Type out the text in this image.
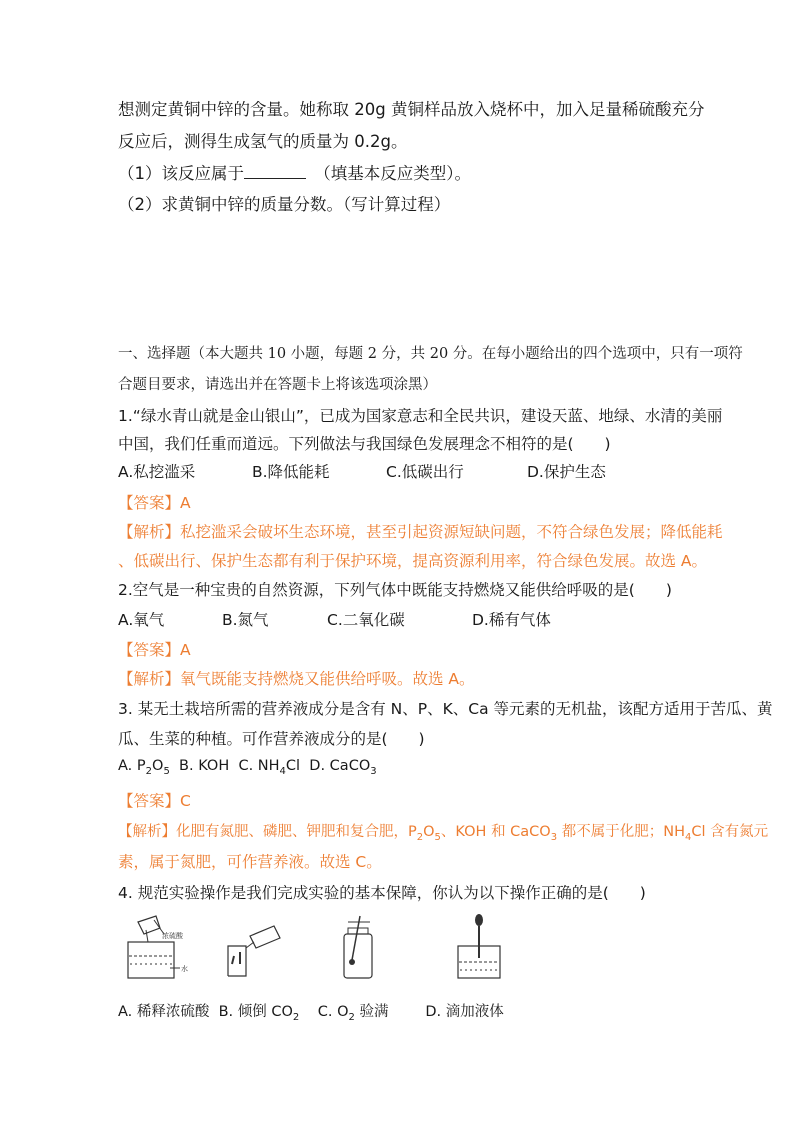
想测定黄铜中锌的含量。她称取 20g 黄铜样品放入烧杯中，加入足量稀硫酸充分
反应后，测得生成氢气的质量为 0.2g。
（1）该反应属于　	（填基本反应类型）。
（2）求黄铜中锌的质量分数。（写计算过程）
一、选择题（本大题共 10 小题，每题 2 分，共 20 分。在每小题给出的四个选项中，只有一项符
合题目要求，请选出并在答题卡上将该选项涂黑）
1.“绿水青山就是金山银山”，已成为国家意志和全民共识，建设天蓝、地绿、水清的美丽
中国，我们任重而道远。下列做法与我国绿色发展理念不相符的是(　　)
A.私挖滥采	B.降低能耗	C.低碳出行	D.保护生态
【答案】A
【解析】私挖滥采会破坏生态环境，甚至引起资源短缺问题，不符合绿色发展；降低能耗
、低碳出行、保护生态都有利于保护环境，提高资源利用率，符合绿色发展。故选 A。
2.空气是一种宝贵的自然资源，下列气体中既能支持燃烧又能供给呼吸的是(　　)
A.氧气	B.氮气	C.二氧化碳	D.稀有气体
【答案】A
【解析】氧气既能支持燃烧又能供给呼吸。故选 A。
3. 某无土栽培所需的营养液成分是含有 N、P、K、Ca 等元素的无机盐，该配方适用于苦瓜、黄
瓜、生菜的种植。可作营养液成分的是(　　)
A. $P_2O_5$ B. KOH C. $NH_4Cl$ D. CaCO$_3$
【答案】C
【解析】化肥有氮肥、磷肥、钾肥和复合肥，$P_2O_5$、KOH 和 CaCO$_3$ 都不属于化肥；$NH_4Cl$ 含有氮元
素，属于氮肥，可作营养液。故选 C。
4. 规范实验操作是我们完成实验的基本保障，你认为以下操作正确的是(　　)
浓硫酸
水
A. 稀释浓硫酸 B. 倾倒 $CO_2$ C. $O_2$ 验满	D. 滴加液体
